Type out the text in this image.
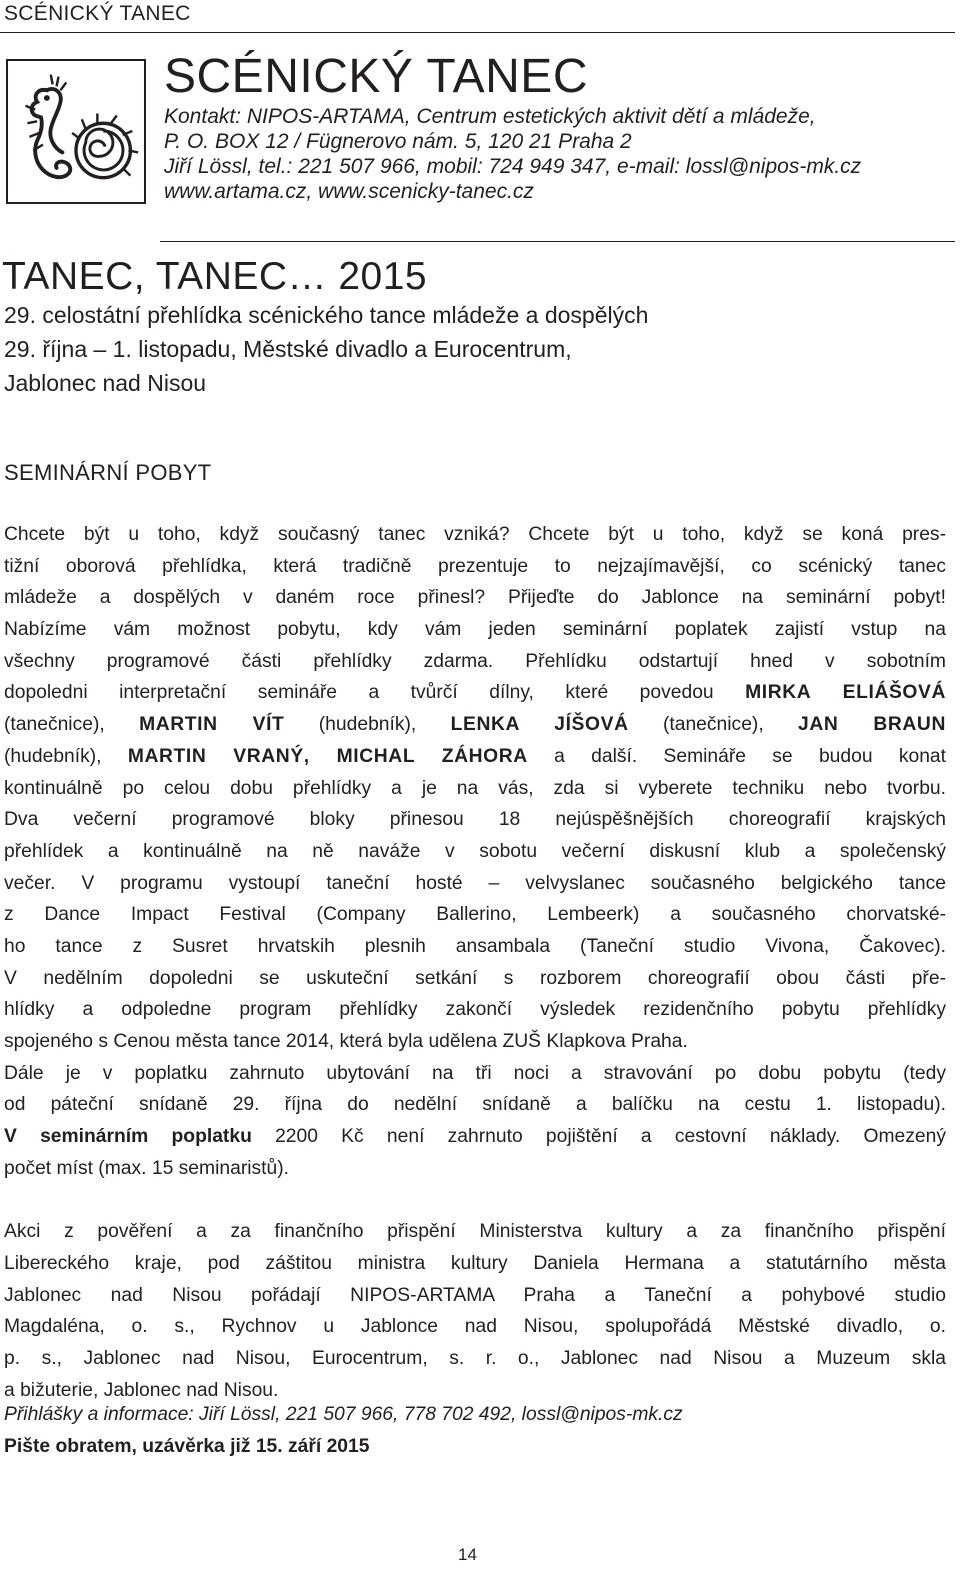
SCÉNICKÝ TANEC
SCÉNICKÝ TANEC
Kontakt: NIPOS-ARTAMA, Centrum estetických aktivit dětí a mládeže,
P. O. BOX 12 / Fügnerovo nám. 5, 120 21 Praha 2
Jiří Lössl, tel.: 221 507 966, mobil: 724 949 347, e-mail: lossl@nipos-mk.cz
www.artama.cz, www.scenicky-tanec.cz
TANEC, TANEC… 2015
29. celostátní přehlídka scénického tance mládeže a dospělých
29. října – 1. listopadu, Městské divadlo a Eurocentrum,
Jablonec nad Nisou
SEMINÁRNÍ POBYT
Chcete být u toho, když současný tanec vzniká? Chcete být u toho, když se koná pres-
tižní oborová přehlídka, která tradičně prezentuje to nejzajímavější, co scénický tanec
mládeže a dospělých v daném roce přinesl? Přijeďte do Jablonce na seminární pobyt!
Nabízíme vám možnost pobytu, kdy vám jeden seminární poplatek zajistí vstup na
všechny programové části přehlídky zdarma. Přehlídku odstartují hned v sobotním
dopoledni interpretační semináře a tvůrčí dílny, které povedou MIRKA ELIÁŠOVÁ
(tanečnice), MARTIN VÍT (hudebník), LENKA JÍŠOVÁ (tanečnice), JAN BRAUN
(hudebník), MARTIN VRANÝ, MICHAL ZÁHORA a další. Semináře se budou konat
kontinuálně po celou dobu přehlídky a je na vás, zda si vyberete techniku nebo tvorbu.
Dva večerní programové bloky přinesou 18 nejúspěšnějších choreografií krajských
přehlídek a kontinuálně na ně naváže v sobotu večerní diskusní klub a společenský
večer. V programu vystoupí taneční hosté – velvyslanec současného belgického tance
z Dance Impact Festival (Company Ballerino, Lembeerk) a současného chorvatské-
ho tance z Susret hrvatskih plesnih ansambala (Taneční studio Vivona, Čakovec).
V nedělním dopoledni se uskuteční setkání s rozborem choreografií obou části pře-
hlídky a odpoledne program přehlídky zakončí výsledek rezidenčního pobytu přehlídky
spojeného s Cenou města tance 2014, která byla udělena ZUŠ Klapkova Praha.
Dále je v poplatku zahrnuto ubytování na tři noci a stravování po dobu pobytu (tedy
od páteční snídaně 29. října do nedělní snídaně a balíčku na cestu 1. listopadu).
V seminárním poplatku 2200 Kč není zahrnuto pojištění a cestovní náklady. Omezený
počet míst (max. 15 seminaristů).
Akci z pověření a za finančního přispění Ministerstva kultury a za finančního přispění
Libereckého kraje, pod záštitou ministra kultury Daniela Hermana a statutárního města
Jablonec nad Nisou pořádají NIPOS-ARTAMA Praha a Taneční a pohybové studio
Magdaléna, o. s., Rychnov u Jablonce nad Nisou, spolupořádá Městské divadlo, o.
p. s., Jablonec nad Nisou, Eurocentrum, s. r. o., Jablonec nad Nisou a Muzeum skla
a bižuterie, Jablonec nad Nisou.
Přihlášky a informace: Jiří Lössl, 221 507 966, 778 702 492, lossl@nipos-mk.cz
Pište obratem, uzávěrka již 15. září 2015
14
